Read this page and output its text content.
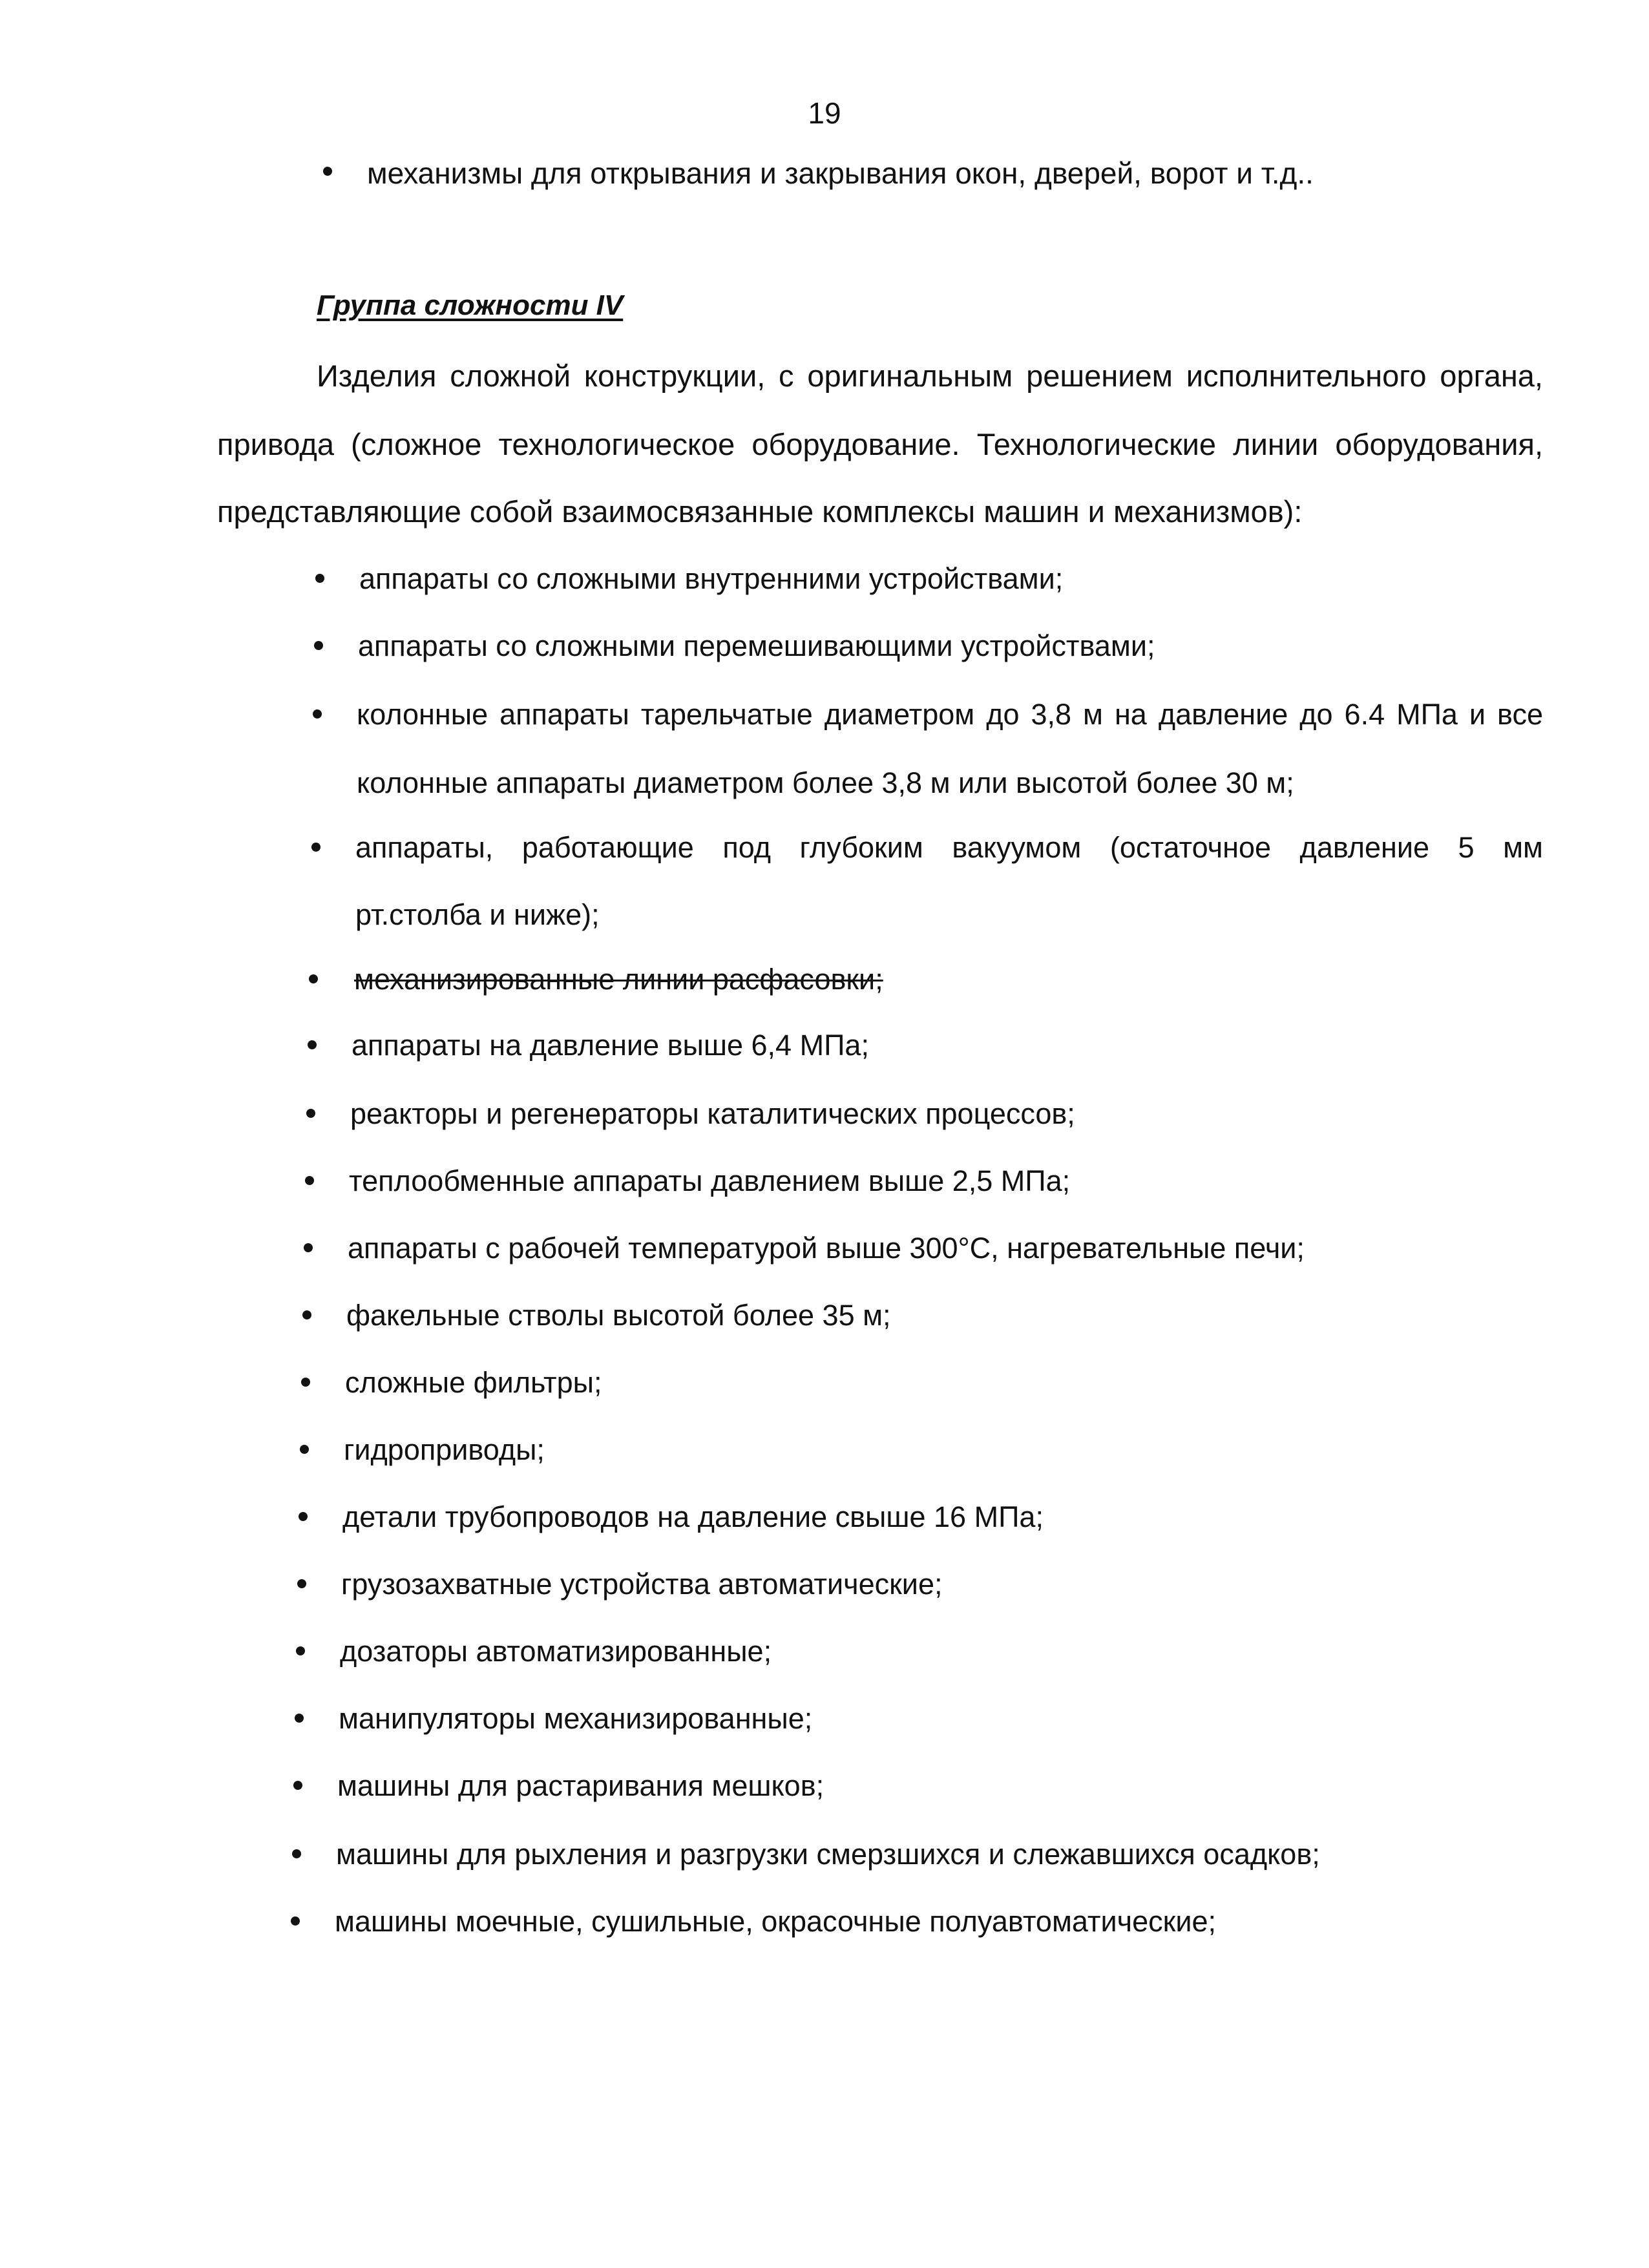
19
механизмы для открывания и закрывания окон, дверей, ворот и т.д..
Группа сложности IV
Изделия сложной конструкции, с оригинальным решением исполнительного органа,
привода (сложное технологическое оборудование. Технологические линии оборудования,
представляющие собой взаимосвязанные комплексы машин и механизмов):
аппараты со сложными внутренними устройствами;
аппараты со сложными перемешивающими устройствами;
колонные аппараты тарельчатые диаметром до 3,8 м на давление до 6.4 МПа и все
колонные аппараты диаметром более 3,8 м или высотой более 30 м;
аппараты, работающие под глубоким вакуумом (остаточное давление 5 мм
рт.столба и ниже);
механизированные линии расфасовки;
аппараты на давление выше 6,4 МПа;
реакторы и регенераторы каталитических процессов;
теплообменные аппараты давлением выше 2,5 МПа;
аппараты с рабочей температурой выше 300°С, нагревательные печи;
факельные стволы высотой более 35 м;
сложные фильтры;
гидроприводы;
детали трубопроводов на давление свыше 16 МПа;
грузозахватные устройства автоматические;
дозаторы автоматизированные;
манипуляторы механизированные;
машины для растаривания мешков;
машины для рыхления и разгрузки смерзшихся и слежавшихся осадков;
машины моечные, сушильные, окрасочные полуавтоматические;
